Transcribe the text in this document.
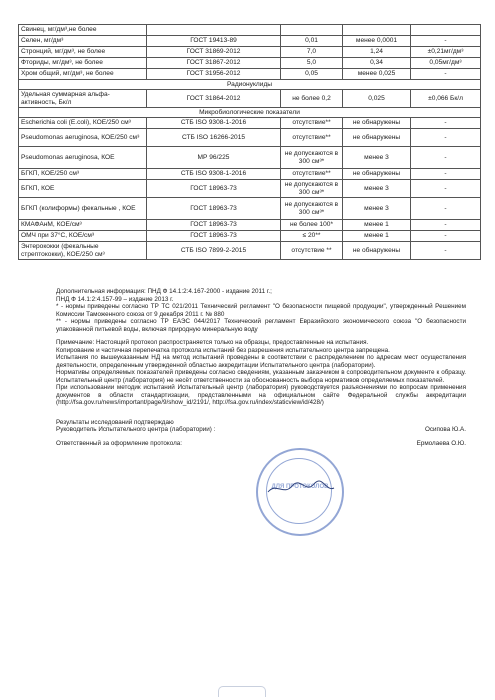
Свинец, мг/дм³,не более				
Селен, мг/дм³	ГОСТ 19413-89	0,01	менее 0,0001	-
Стронций, мг/дм³, не более	ГОСТ 31869-2012	7,0	1,24	±0,21мг/дм³
Фториды, мг/дм³, не более	ГОСТ 31867-2012	5,0	0,34	0,05мг/дм³
Хром общий, мг/дм³, не более	ГОСТ 31956-2012	0,05	менее 0,025	-
Радионуклиды				
Удельная суммарная альфа-активность, Бк/л	ГОСТ 31864-2012	не более 0,2	0,025	±0,066 Бк/л
Микробиологические показатели				
Escherichia coli (E.coli), КОЕ/250 см³	СТБ ISO 9308-1-2016	отсутствие**	не обнаружены	-
Pseudomonas aeruginosa, КОЕ/250 см³	СТБ ISO 16266-2015	отсутствие**	не обнаружены	-
Pseudomonas aeruginosa, КОЕ	МР 96/225	не допускаются в 300 см³*	менее 3	-
БГКП, КОЕ/250 см³	СТБ ISO 9308-1-2016	отсутствие**	не обнаружены	-
БГКП, КОЕ	ГОСТ 18963-73	не допускаются в 300 см³*	менее 3	-
БГКП (колиформы) фекальные , КОЕ	ГОСТ 18963-73	не допускаются в 300 см³*	менее 3	-
КМАФАнМ, КОЕ/см³	ГОСТ 18963-73	не более 100*	менее 1	-
ОМЧ при 37°С, КОЕ/см³	ГОСТ 18963-73	≤ 20**	менее 1	-
Энтерококки (фекальные стрептококки), КОЕ/250 см³	СТБ ISO 7899-2-2015	отсутствие **	не обнаружены	-

Дополнительная информация: ПНД Ф 14.1:2:4.167-2000 - издание 2011 г.;

ПНД Ф 14.1:2:4.157-99 – издание 2013 г.

* - нормы приведены согласно ТР ТС 021/2011 Технический регламент "О безопасности пищевой продукции", утвержденный Решением Комиссии Таможенного союза от 9 декабря 2011 г. № 880

** - нормы приведены согласно ТР ЕАЭС 044/2017 Технический регламент Евразийского экономического союза "О безопасности упакованной питьевой воды, включая природную минеральную воду

Примечание: Настоящий протокол распространяется только на образцы, предоставленные на испытания.

Копирование и частичная перепечатка протокола испытаний без разрешения испытательного центра запрещена.

Испытания по вышеуказанным НД на метод испытаний проведены в соответствии с распределением по адресам мест осуществления деятельности, определенным утвержденной областью аккредитации Испытательного центра (лаборатории).

Нормативы определяемых показателей приведены согласно сведениям, указанным заказчиком в сопроводительном документе к образцу. Испытательный центр (лаборатория) не несёт ответственности за обоснованность выбора нормативов определяемых показателей.

При использовании методик испытаний Испытательный центр (лаборатория) руководствуется разъяснениями по вопросам применения документов в области стандартизации, представленными на официальном сайте Федеральной службы аккредитации (http://fsa.gov.ru/news/important/page/9/show_id/2191/, http://fsa.gov.ru/index/staticview/id/428/)

Результаты исследований подтверждаю

Руководитель Испытательного центра (лаборатории) :	Осипова Ю.А.
Ответственный за оформление протокола:	Ермолаева О.Ю.
ДЛЯ ПРОТОКОЛОВ
